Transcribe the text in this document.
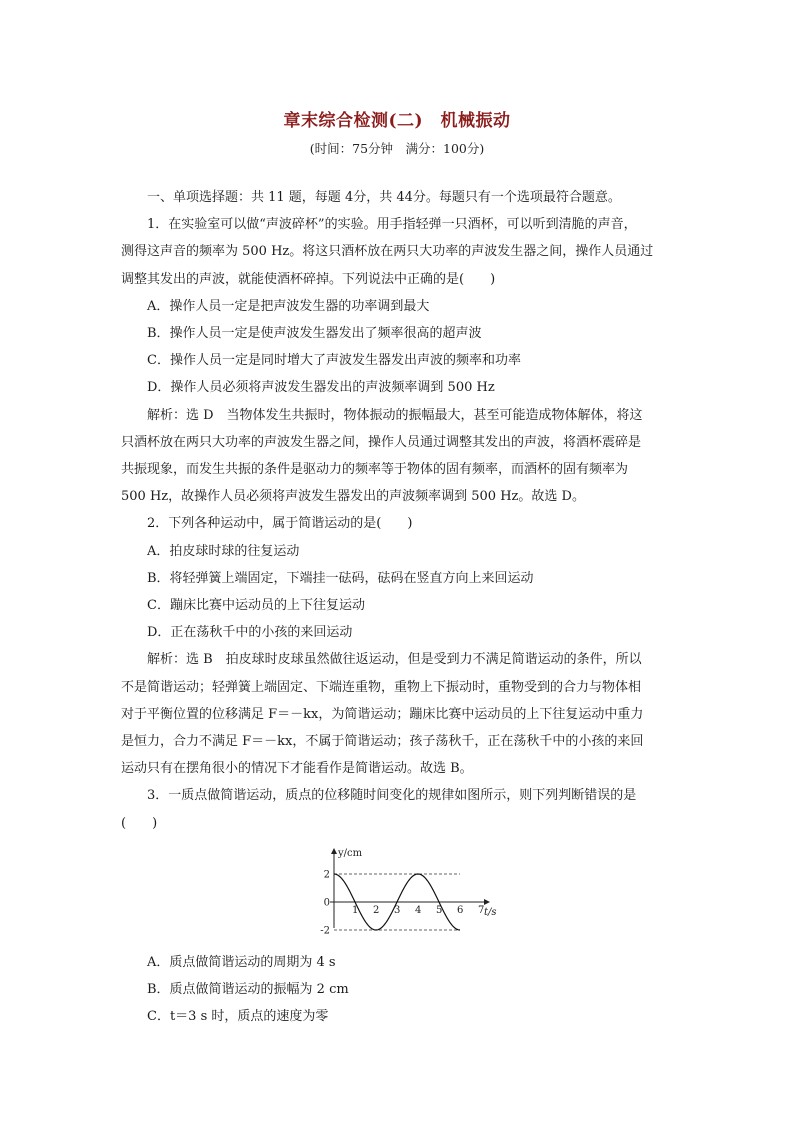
章末综合检测(二)　机械振动
(时间：75分钟　满分：100分)

一、单项选择题：共 11 题，每题 4分，共 44分。每题只有一个选项最符合题意。

1．在实验室可以做“声波碎杯”的实验。用手指轻弹一只酒杯，可以听到清脆的声音，

测得这声音的频率为 500 Hz。将这只酒杯放在两只大功率的声波发生器之间，操作人员通过

调整其发出的声波，就能使酒杯碎掉。下列说法中正确的是(　　)

A．操作人员一定是把声波发生器的功率调到最大

B．操作人员一定是使声波发生器发出了频率很高的超声波

C．操作人员一定是同时增大了声波发生器发出声波的频率和功率

D．操作人员必须将声波发生器发出的声波频率调到 500 Hz

解析：选 D　当物体发生共振时，物体振动的振幅最大，甚至可能造成物体解体，将这

只酒杯放在两只大功率的声波发生器之间，操作人员通过调整其发出的声波，将酒杯震碎是

共振现象，而发生共振的条件是驱动力的频率等于物体的固有频率，而酒杯的固有频率为

500 Hz，故操作人员必须将声波发生器发出的声波频率调到 500 Hz。故选 D。

2．下列各种运动中，属于简谐运动的是(　　)

A．拍皮球时球的往复运动

B．将轻弹簧上端固定，下端挂一砝码，砝码在竖直方向上来回运动

C．蹦床比赛中运动员的上下往复运动

D．正在荡秋千中的小孩的来回运动

解析：选 B　拍皮球时皮球虽然做往返运动，但是受到力不满足简谐运动的条件，所以

不是简谐运动；轻弹簧上端固定、下端连重物，重物上下振动时，重物受到的合力与物体相

对于平衡位置的位移满足 F＝－kx，为简谐运动；蹦床比赛中运动员的上下往复运动中重力

是恒力，合力不满足 F＝－kx，不属于简谐运动；孩子荡秋千，正在荡秋千中的小孩的来回

运动只有在摆角很小的情况下才能看作是简谐运动。故选 B。

3．一质点做简谐运动，质点的位移随时间变化的规律如图所示，则下列判断错误的是

(　　)

2
0
-2
1 2 3 4 5 6 7
y/cm
t/s

A．质点做简谐运动的周期为 4 s

B．质点做简谐运动的振幅为 2 cm

C．t＝3 s 时，质点的速度为零
